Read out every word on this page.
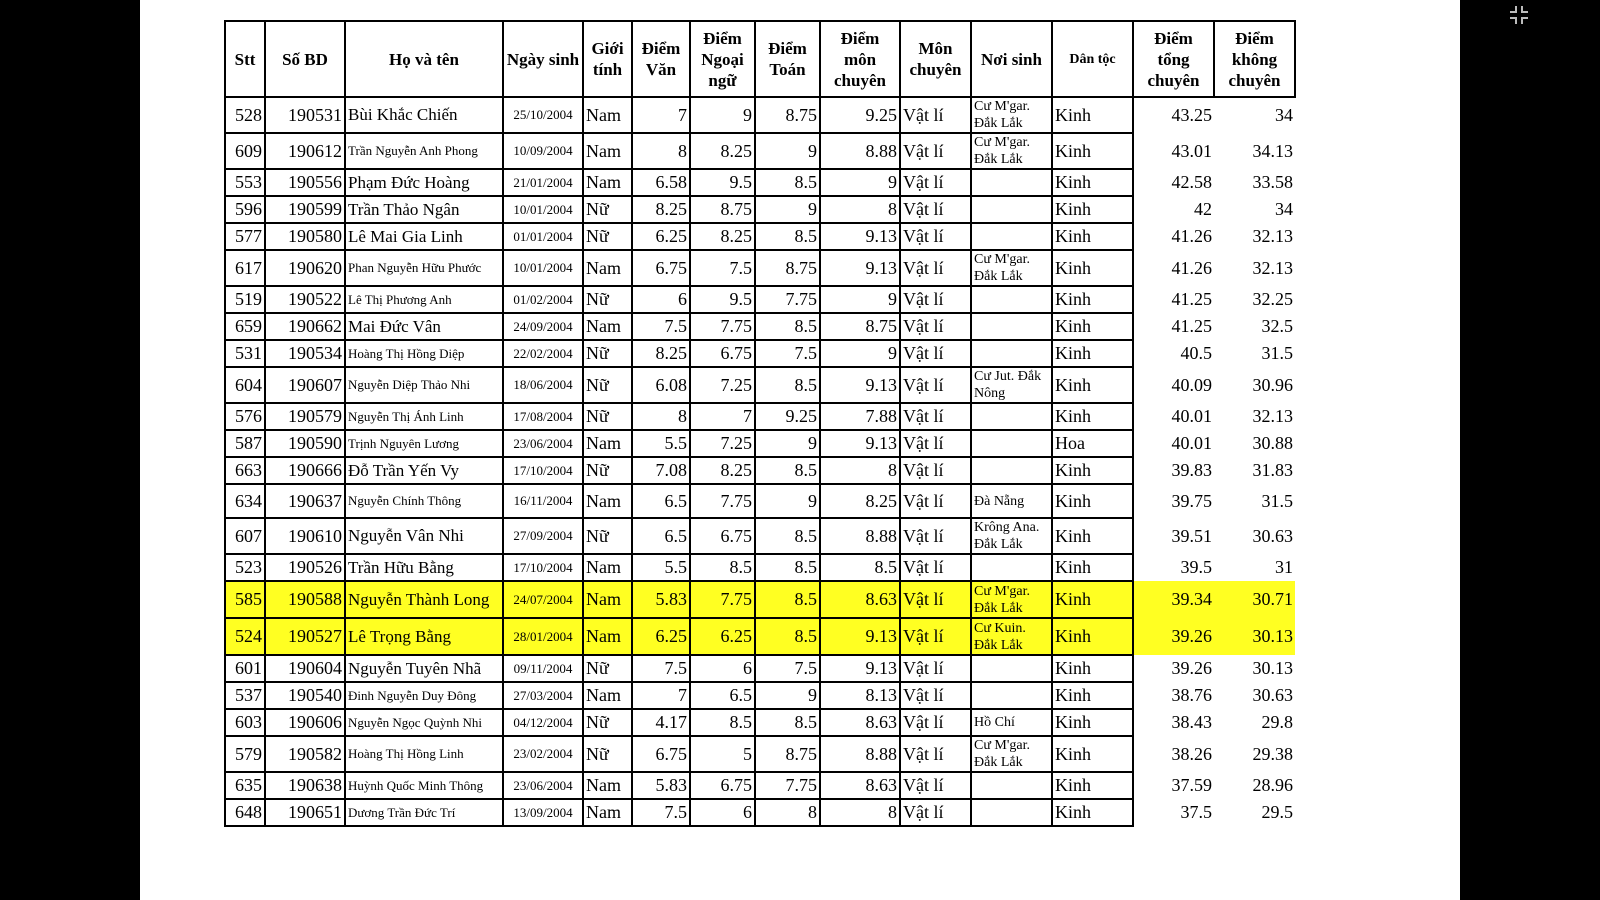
Stt	Số BD	Họ và tên	Ngày sinh	Giới tính	Điểm Văn	Điểm Ngoại ngữ	Điểm Toán	Điểm môn chuyên	Môn chuyên	Nơi sinh	Dân tộc	Điểm tổng chuyên	Điểm không chuyên
528	190531	Bùi Khắc Chiến	25/10/2004	Nam	7	9	8.75	9.25	Vật lí	Cư M'gar. Đắk Lắk	Kinh	43.25	34
609	190612	Trần Nguyễn Anh Phong	10/09/2004	Nam	8	8.25	9	8.88	Vật lí	Cư M'gar. Đắk Lắk	Kinh	43.01	34.13
553	190556	Phạm Đức Hoàng	21/01/2004	Nam	6.58	9.5	8.5	9	Vật lí		Kinh	42.58	33.58
596	190599	Trần Thảo Ngân	10/01/2004	Nữ	8.25	8.75	9	8	Vật lí		Kinh	42	34
577	190580	Lê Mai Gia Linh	01/01/2004	Nữ	6.25	8.25	8.5	9.13	Vật lí		Kinh	41.26	32.13
617	190620	Phan Nguyễn Hữu Phước	10/01/2004	Nam	6.75	7.5	8.75	9.13	Vật lí	Cư M'gar. Đắk Lắk	Kinh	41.26	32.13
519	190522	Lê Thị Phương Anh	01/02/2004	Nữ	6	9.5	7.75	9	Vật lí		Kinh	41.25	32.25
659	190662	Mai Đức Vân	24/09/2004	Nam	7.5	7.75	8.5	8.75	Vật lí		Kinh	41.25	32.5
531	190534	Hoàng Thị Hồng Diệp	22/02/2004	Nữ	8.25	6.75	7.5	9	Vật lí		Kinh	40.5	31.5
604	190607	Nguyễn Diệp Thảo Nhi	18/06/2004	Nữ	6.08	7.25	8.5	9.13	Vật lí	Cư Jut. Đắk Nông	Kinh	40.09	30.96
576	190579	Nguyễn Thị Ánh Linh	17/08/2004	Nữ	8	7	9.25	7.88	Vật lí		Kinh	40.01	32.13
587	190590	Trịnh Nguyên Lương	23/06/2004	Nam	5.5	7.25	9	9.13	Vật lí		Hoa	40.01	30.88
663	190666	Đỗ Trần Yến Vy	17/10/2004	Nữ	7.08	8.25	8.5	8	Vật lí		Kinh	39.83	31.83
634	190637	Nguyễn Chính Thông	16/11/2004	Nam	6.5	7.75	9	8.25	Vật lí	Đà Nẵng	Kinh	39.75	31.5
607	190610	Nguyễn Vân Nhi	27/09/2004	Nữ	6.5	6.75	8.5	8.88	Vật lí	Krông Ana. Đắk Lắk	Kinh	39.51	30.63
523	190526	Trần Hữu Bằng	17/10/2004	Nam	5.5	8.5	8.5	8.5	Vật lí		Kinh	39.5	31
585	190588	Nguyễn Thành Long	24/07/2004	Nam	5.83	7.75	8.5	8.63	Vật lí	Cư M'gar. Đắk Lắk	Kinh	39.34	30.71
524	190527	Lê Trọng Bằng	28/01/2004	Nam	6.25	6.25	8.5	9.13	Vật lí	Cư Kuin. Đắk Lắk	Kinh	39.26	30.13
601	190604	Nguyễn Tuyên Nhã	09/11/2004	Nữ	7.5	6	7.5	9.13	Vật lí		Kinh	39.26	30.13
537	190540	Đinh Nguyễn Duy Đông	27/03/2004	Nam	7	6.5	9	8.13	Vật lí		Kinh	38.76	30.63
603	190606	Nguyễn Ngọc Quỳnh Nhi	04/12/2004	Nữ	4.17	8.5	8.5	8.63	Vật lí	Hồ Chí	Kinh	38.43	29.8
579	190582	Hoàng Thị Hồng Linh	23/02/2004	Nữ	6.75	5	8.75	8.88	Vật lí	Cư M'gar. Đắk Lắk	Kinh	38.26	29.38
635	190638	Huỳnh Quốc Minh Thông	23/06/2004	Nam	5.83	6.75	7.75	8.63	Vật lí		Kinh	37.59	28.96
648	190651	Dương Trần Đức Trí	13/09/2004	Nam	7.5	6	8	8	Vật lí		Kinh	37.5	29.5
